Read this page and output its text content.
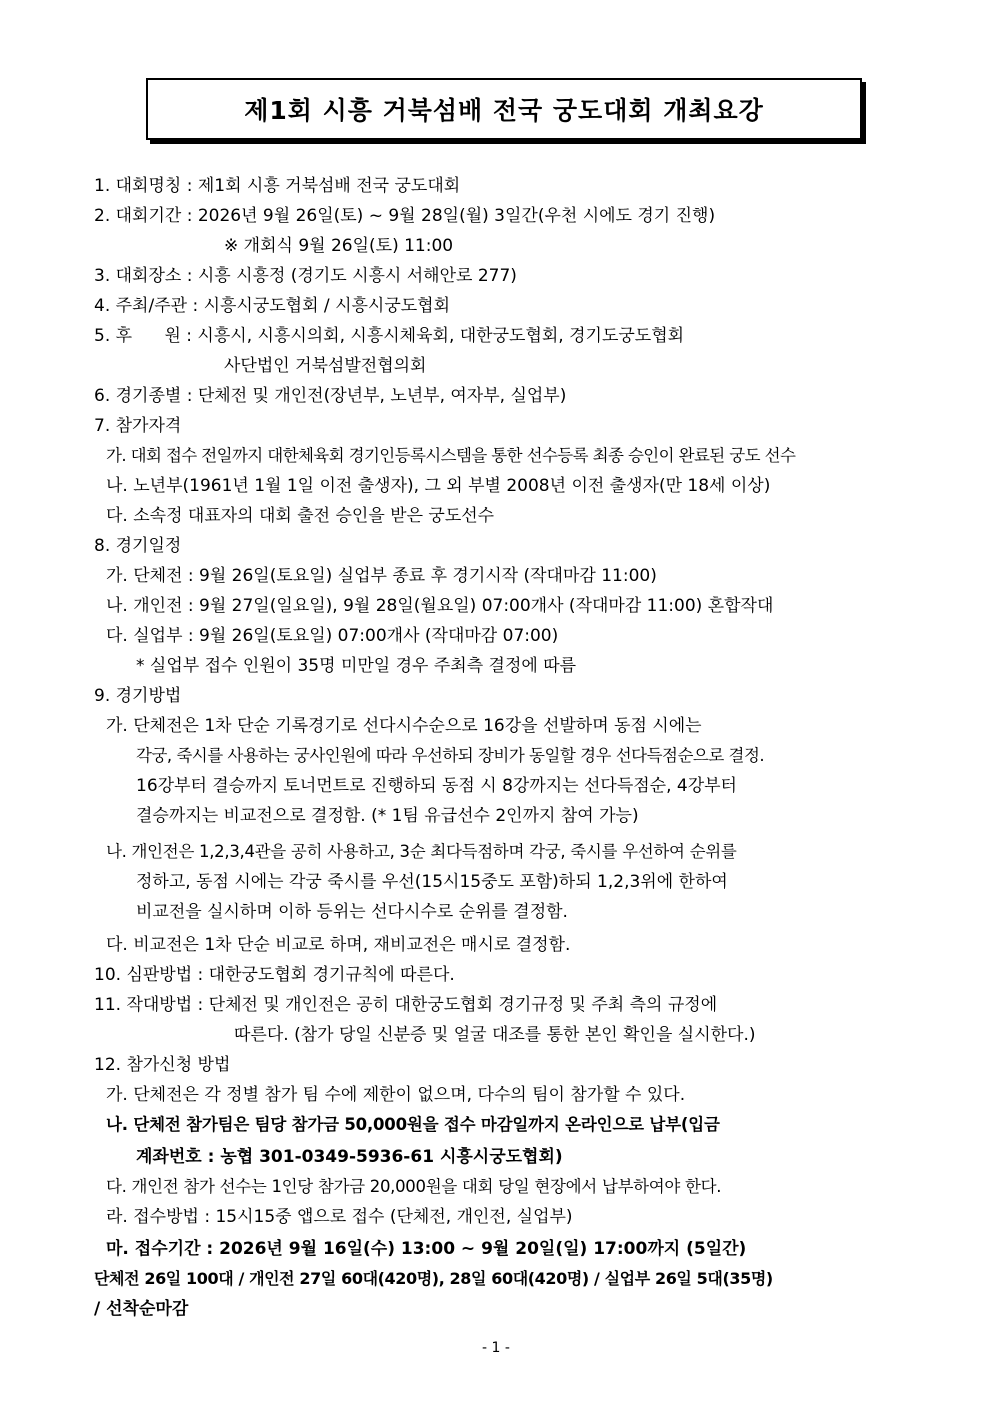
제1회 시흥 거북섬배 전국 궁도대회 개최요강
1. 대회명칭 : 제1회 시흥 거북섬배 전국 궁도대회
2. 대회기간 : 2026년 9월 26일(토) ~ 9월 28일(월) 3일간(우천 시에도 경기 진행)
※ 개회식 9월 26일(토) 11:00
3. 대회장소 : 시흥 시흥정 (경기도 시흥시 서해안로 277)
4. 주최/주관 : 시흥시궁도협회 / 시흥시궁도협회
5. 후      원 : 시흥시, 시흥시의회, 시흥시체육회, 대한궁도협회, 경기도궁도협회
사단법인 거북섬발전협의회
6. 경기종별 : 단체전 및 개인전(장년부, 노년부, 여자부, 실업부)
7. 참가자격
가. 대회 접수 전일까지 대한체육회 경기인등록시스템을 통한 선수등록 최종 승인이 완료된 궁도 선수
나. 노년부(1961년 1월 1일 이전 출생자), 그 외 부별 2008년 이전 출생자(만 18세 이상)
다. 소속정 대표자의 대회 출전 승인을 받은 궁도선수
8. 경기일정
가. 단체전 : 9월 26일(토요일) 실업부 종료 후 경기시작 (작대마감 11:00)
나. 개인전 : 9월 27일(일요일), 9월 28일(월요일) 07:00개사 (작대마감 11:00) 혼합작대
다. 실업부 : 9월 26일(토요일) 07:00개사 (작대마감 07:00)
* 실업부 접수 인원이 35명 미만일 경우 주최측 결정에 따름
9. 경기방법
가. 단체전은 1차 단순 기록경기로 선다시수순으로 16강을 선발하며 동점 시에는
각궁, 죽시를 사용하는 궁사인원에 따라 우선하되 장비가 동일할 경우 선다득점순으로 결정.
16강부터 결승까지 토너먼트로 진행하되 동점 시 8강까지는 선다득점순, 4강부터
결승까지는 비교전으로 결정함. (* 1팀 유급선수 2인까지 참여 가능)
나. 개인전은 1,2,3,4관을 공히 사용하고, 3순 최다득점하며 각궁, 죽시를 우선하여 순위를
정하고, 동점 시에는 각궁 죽시를 우선(15시15중도 포함)하되 1,2,3위에 한하여
비교전을 실시하며 이하 등위는 선다시수로 순위를 결정함.
다. 비교전은 1차 단순 비교로 하며, 재비교전은 매시로 결정함.
10. 심판방법 : 대한궁도협회 경기규칙에 따른다.
11. 작대방법 : 단체전 및 개인전은 공히 대한궁도협회 경기규정 및 주최 측의 규정에
따른다. (참가 당일 신분증 및 얼굴 대조를 통한 본인 확인을 실시한다.)
12. 참가신청 방법
가. 단체전은 각 정별 참가 팀 수에 제한이 없으며, 다수의 팀이 참가할 수 있다.
나. 단체전 참가팀은 팀당 참가금 50,000원을 접수 마감일까지 온라인으로 납부(입금
계좌번호 : 농협 301-0349-5936-61 시흥시궁도협회)
다. 개인전 참가 선수는 1인당 참가금 20,000원을 대회 당일 현장에서 납부하여야 한다.
라. 접수방법 : 15시15중 앱으로 접수 (단체전, 개인전, 실업부)
마. 접수기간 : 2026년 9월 16일(수) 13:00 ~ 9월 20일(일) 17:00까지 (5일간)
단체전 26일 100대 / 개인전 27일 60대(420명), 28일 60대(420명) / 실업부 26일 5대(35명)
/ 선착순마감
- 1 -
